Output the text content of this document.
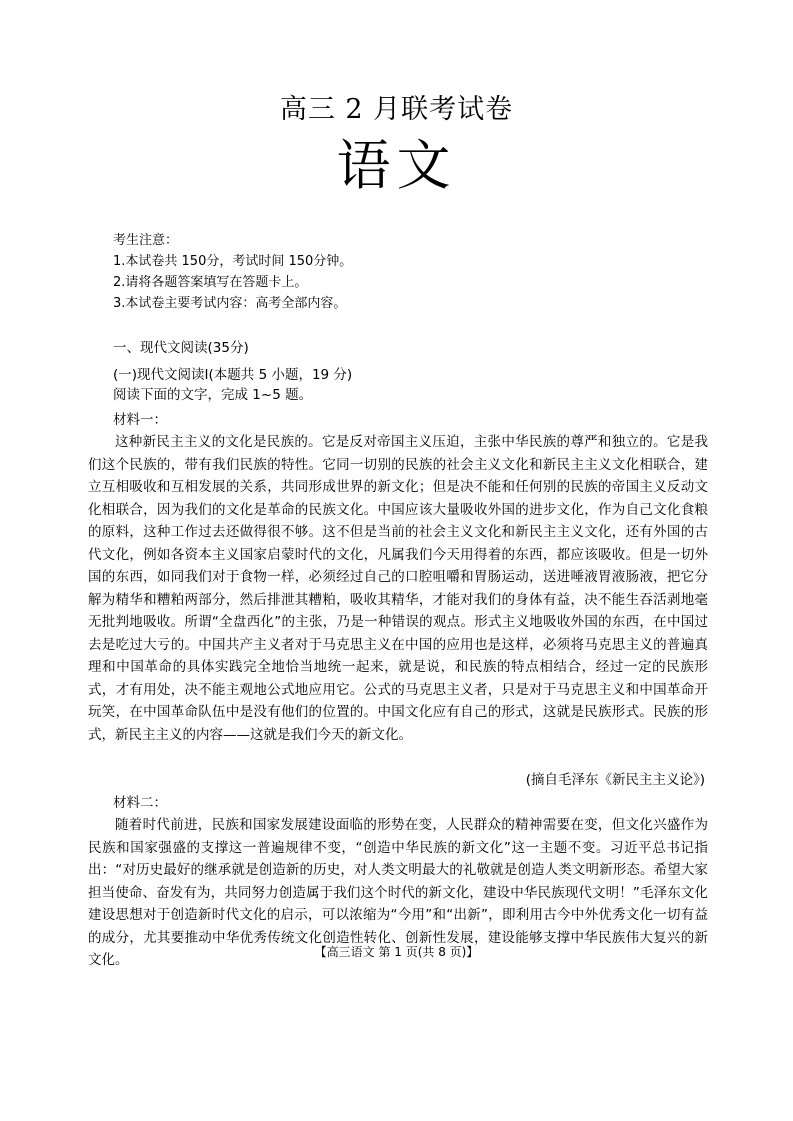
高三 2 月联考试卷
语文
考生注意：
1.本试卷共 150分，考试时间 150分钟。
2.请将各题答案填写在答题卡上。
3.本试卷主要考试内容：高考全部内容。
一、现代文阅读(35分)
(一)现代文阅读Ⅰ(本题共 5 小题，19 分)
阅读下面的文字，完成 1~5 题。
材料一：

这种新民主主义的文化是民族的。它是反对帝国主义压迫，主张中华民族的尊严和独立的。它是我们这个民族的，带有我们民族的特性。它同一切别的民族的社会主义文化和新民主主义文化相联合，建立互相吸收和互相发展的关系，共同形成世界的新文化；但是决不能和任何别的民族的帝国主义反动文化相联合，因为我们的文化是革命的民族文化。中国应该大量吸收外国的进步文化，作为自己文化食粮的原料，这种工作过去还做得很不够。这不但是当前的社会主义文化和新民主主义文化，还有外国的古代文化，例如各资本主义国家启蒙时代的文化，凡属我们今天用得着的东西，都应该吸收。但是一切外国的东西，如同我们对于食物一样，必须经过自己的口腔咀嚼和胃肠运动，送进唾液胃液肠液，把它分解为精华和糟粕两部分，然后排泄其糟粕，吸收其精华，才能对我们的身体有益，决不能生吞活剥地毫无批判地吸收。所谓“全盘西化”的主张，乃是一种错误的观点。形式主义地吸收外国的东西，在中国过去是吃过大亏的。中国共产主义者对于马克思主义在中国的应用也是这样，必须将马克思主义的普遍真理和中国革命的具体实践完全地恰当地统一起来，就是说，和民族的特点相结合，经过一定的民族形式，才有用处，决不能主观地公式地应用它。公式的马克思主义者，只是对于马克思主义和中国革命开玩笑，在中国革命队伍中是没有他们的位置的。中国文化应有自己的形式，这就是民族形式。民族的形式，新民主主义的内容——这就是我们今天的新文化。

(摘自毛泽东《新民主主义论》)
材料二：

随着时代前进，民族和国家发展建设面临的形势在变，人民群众的精神需要在变，但文化兴盛作为民族和国家强盛的支撑这一普遍规律不变，“创造中华民族的新文化”这一主题不变。习近平总书记指出：“对历史最好的继承就是创造新的历史，对人类文明最大的礼敬就是创造人类文明新形态。希望大家担当使命、奋发有为，共同努力创造属于我们这个时代的新文化，建设中华民族现代文明！”毛泽东文化建设思想对于创造新时代文化的启示，可以浓缩为“今用”和“出新”，即利用古今中外优秀文化一切有益的成分，尤其要推动中华优秀传统文化创造性转化、创新性发展，建设能够支撑中华民族伟大复兴的新文化。	【高三语文 第 1 页(共 8 页)】
